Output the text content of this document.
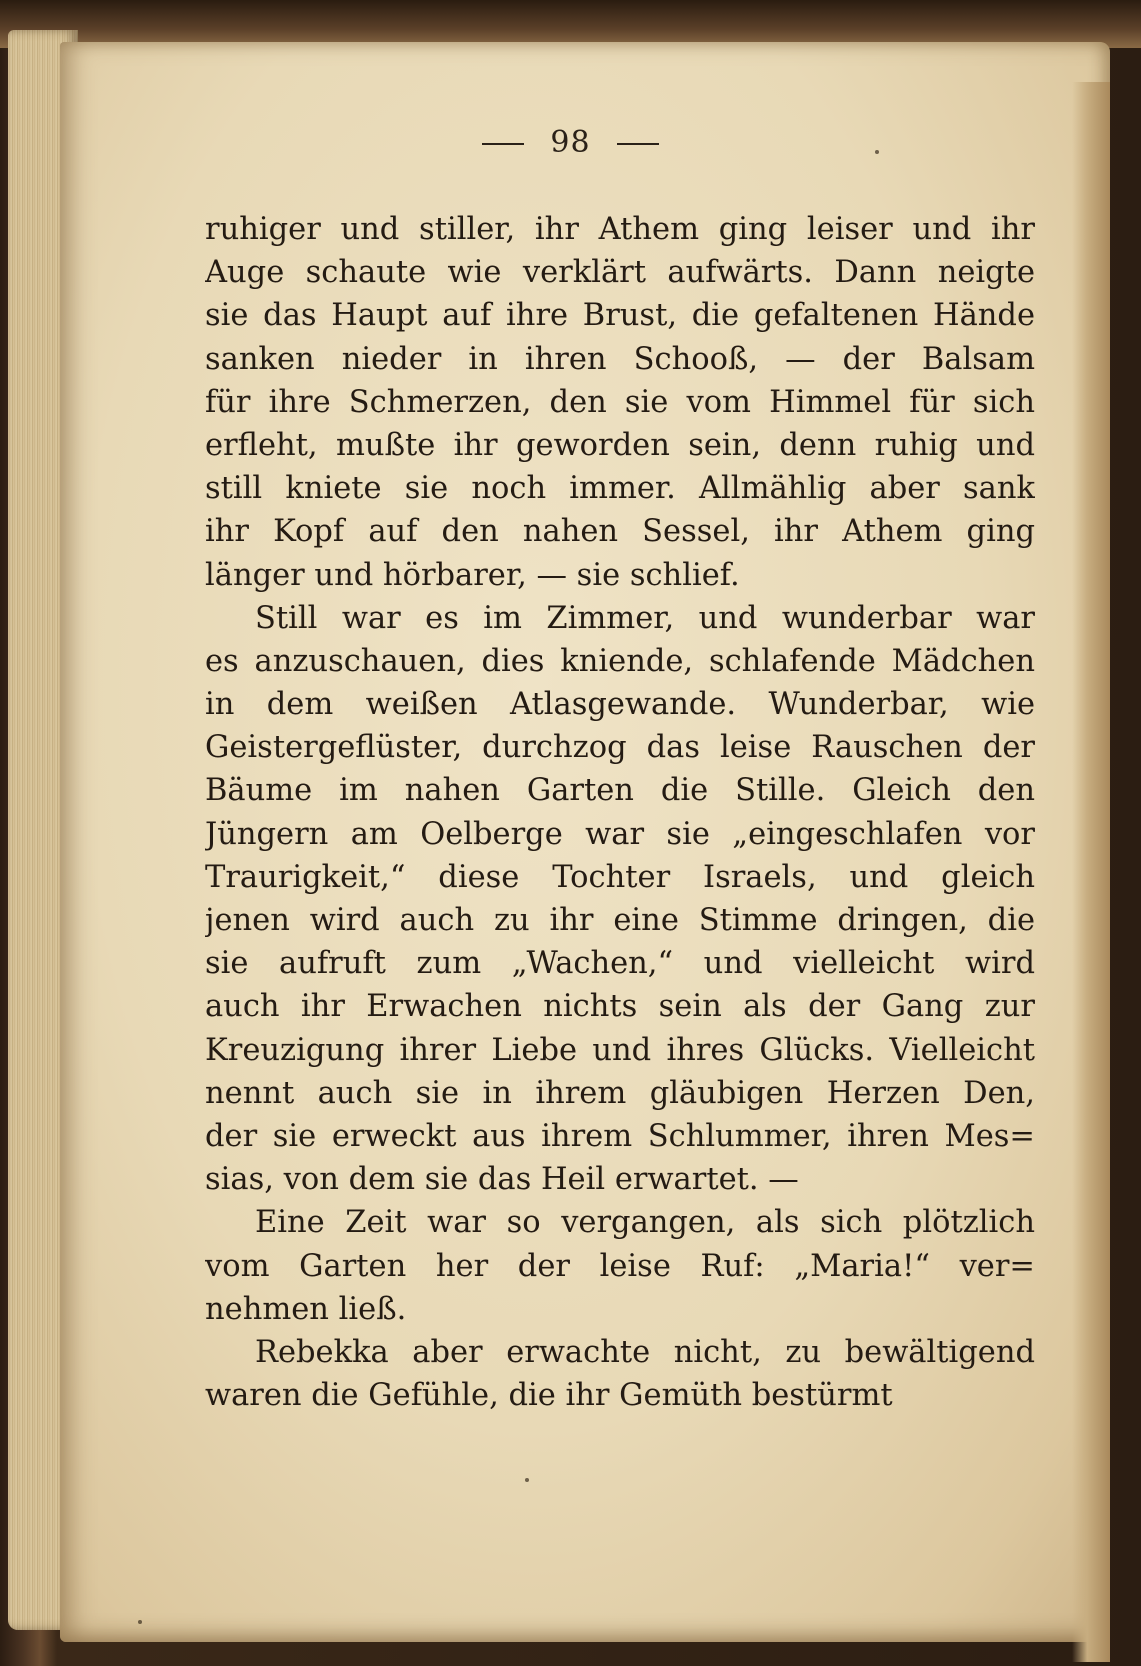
98
ruhiger und stiller, ihr Athem ging leiser und ihr
Auge schaute wie verklärt aufwärts. Dann neigte
sie das Haupt auf ihre Brust, die gefaltenen Hände
sanken nieder in ihren Schooß, — der Balsam
für ihre Schmerzen, den sie vom Himmel für sich
erfleht, mußte ihr geworden sein, denn ruhig und
still kniete sie noch immer. Allmählig aber sank
ihr Kopf auf den nahen Sessel, ihr Athem ging
länger und hörbarer, — sie schlief.
Still war es im Zimmer, und wunderbar war
es anzuschauen, dies kniende, schlafende Mädchen
in dem weißen Atlasgewande. Wunderbar, wie
Geistergeflüster, durchzog das leise Rauschen der
Bäume im nahen Garten die Stille. Gleich den
Jüngern am Oelberge war sie „eingeschlafen vor
Traurigkeit,“ diese Tochter Israels, und gleich
jenen wird auch zu ihr eine Stimme dringen, die
sie aufruft zum „Wachen,“ und vielleicht wird
auch ihr Erwachen nichts sein als der Gang zur
Kreuzigung ihrer Liebe und ihres Glücks. Vielleicht
nennt auch sie in ihrem gläubigen Herzen Den,
der sie erweckt aus ihrem Schlummer, ihren Mes=
sias, von dem sie das Heil erwartet. —
Eine Zeit war so vergangen, als sich plötzlich
vom Garten her der leise Ruf: „Maria!“ ver=
nehmen ließ.
Rebekka aber erwachte nicht, zu bewältigend
waren die Gefühle, die ihr Gemüth bestürmt
